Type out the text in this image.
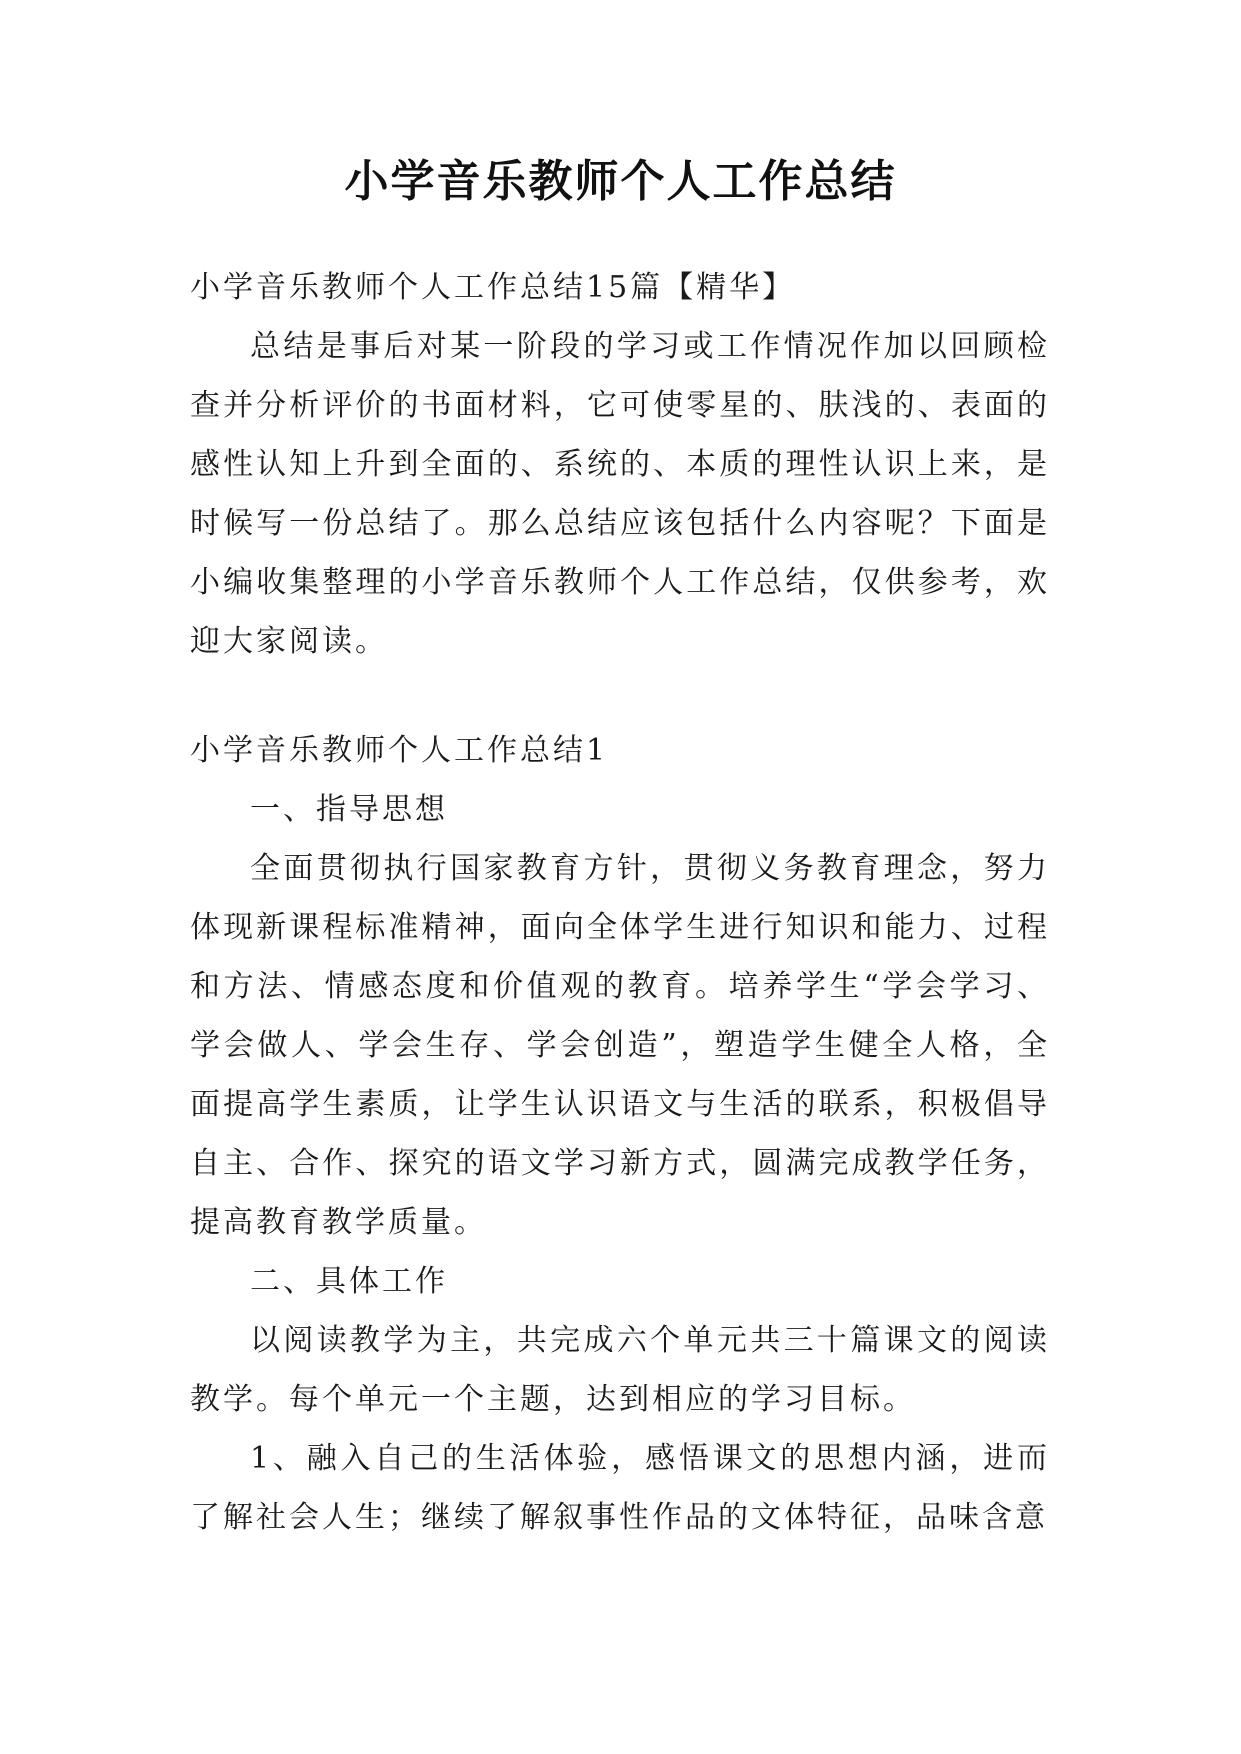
小学音乐教师个人工作总结

小学音乐教师个人工作总结15篇【精华】

总结是事后对某一阶段的学习或工作情况作加以回顾检查并分析评价的书面材料，它可使零星的、肤浅的、表面的感性认知上升到全面的、系统的、本质的理性认识上来，是时候写一份总结了。那么总结应该包括什么内容呢？下面是小编收集整理的小学音乐教师个人工作总结，仅供参考，欢迎大家阅读。

小学音乐教师个人工作总结1

一、指导思想

全面贯彻执行国家教育方针，贯彻义务教育理念，努力体现新课程标准精神，面向全体学生进行知识和能力、过程和方法、情感态度和价值观的教育。培养学生“学会学习、学会做人、学会生存、学会创造”，塑造学生健全人格，全面提高学生素质，让学生认识语文与生活的联系，积极倡导自主、合作、探究的语文学习新方式，圆满完成教学任务，提高教育教学质量。

二、具体工作

以阅读教学为主，共完成六个单元共三十篇课文的阅读教学。每个单元一个主题，达到相应的学习目标。

1、融入自己的生活体验，感悟课文的思想内涵，进而了解社会人生；继续了解叙事性作品的文体特征，品味含意
